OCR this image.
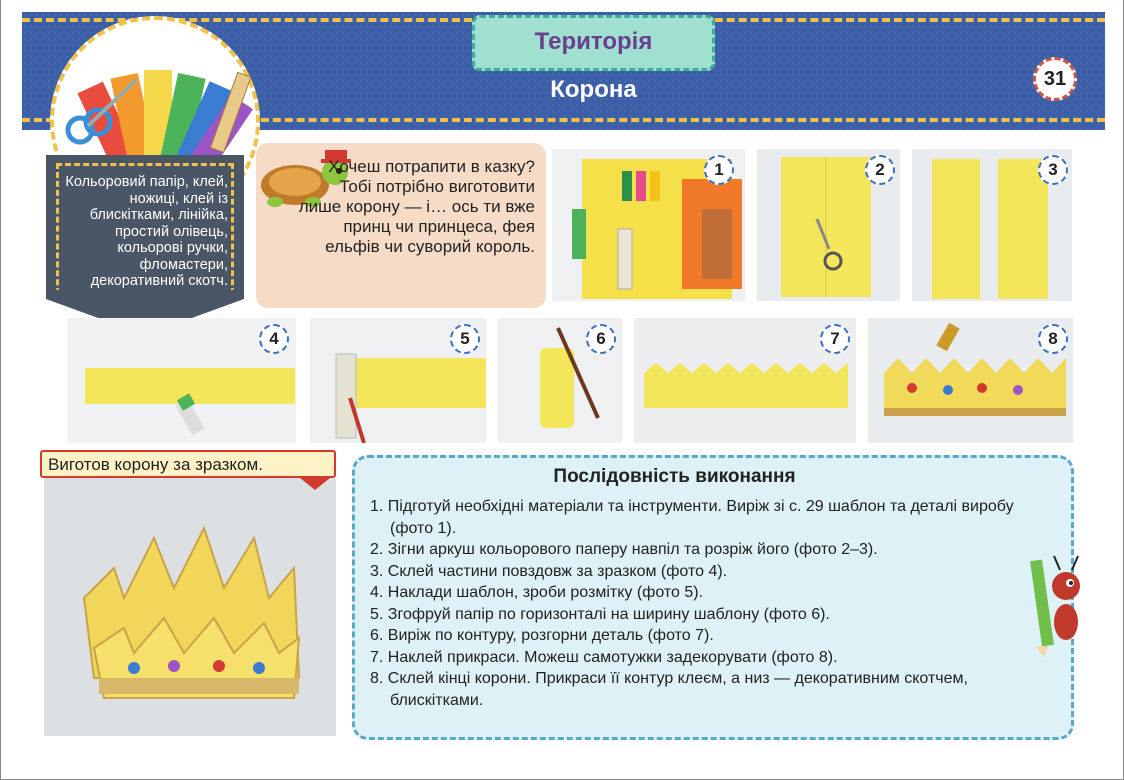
Територія
Корона	31
Кольоровий папір, клей, ножиці, клей із блискітками, лінійка, простий олівець, кольорові ручки, фломастери, декоративний скотч.
Хочеш потрапити в казку? Тобі потрібно виготовити лише корону — і… ось ти вже принц чи принцеса, фея ельфів чи суворий король.
1	2	3
4	5	6	7	8
Виготов корону за зразком.
Послідовність виконання
1. Підготуй необхідні матеріали та інструменти. Виріж зі с. 29 шаблон та деталі виробу (фото 1).
2. Зігни аркуш кольорового паперу навпіл та розріж його (фото 2–3).
3. Склей частини повздовж за зразком (фото 4).
4. Наклади шаблон, зроби розмітку (фото 5).
5. Згофруй папір по горизонталі на ширину шаблону (фото 6).
6. Виріж по контуру, розгорни деталь (фото 7).
7. Наклей прикраси. Можеш самотужки задекорувати (фото 8).
8. Склей кінці корони. Прикраси її контур клеєм, а низ — декоративним скотчем, блискітками.
